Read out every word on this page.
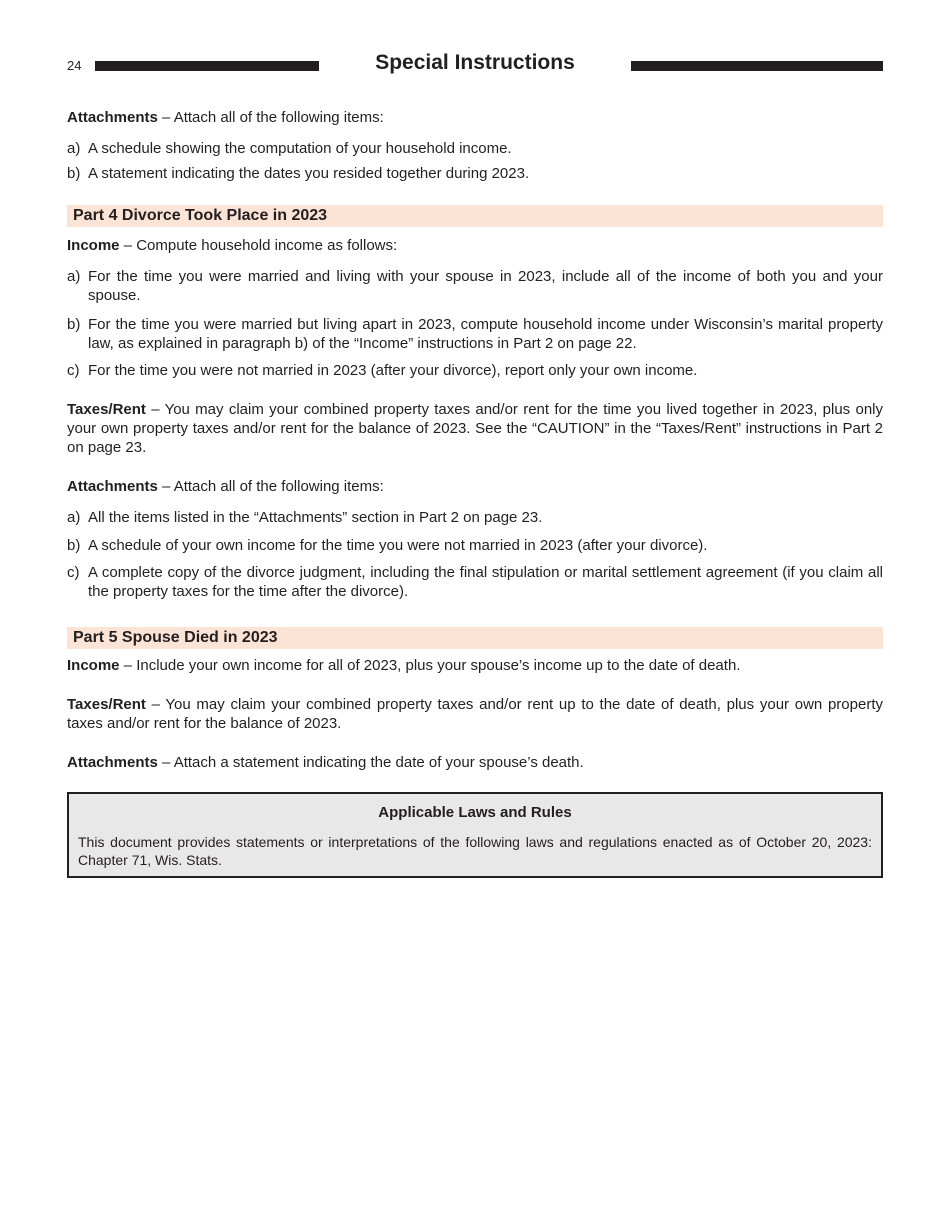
24	Special Instructions

Attachments – Attach all of the following items:

a) A schedule showing the computation of your household income.
b) A statement indicating the dates you resided together during 2023.
Part 4 Divorce Took Place in 2023

Income – Compute household income as follows:

a) For the time you were married and living with your spouse in 2023, include all of the income of both you and your spouse.
b) For the time you were married but living apart in 2023, compute household income under Wisconsin’s marital property law, as explained in paragraph b) of the “Income” instructions in Part 2 on page 22.
c) For the time you were not married in 2023 (after your divorce), report only your own income.

Taxes/Rent – You may claim your combined property taxes and/or rent for the time you lived together in 2023, plus only your own property taxes and/or rent for the balance of 2023. See the “CAUTION” in the “Taxes/Rent” instructions in Part 2 on page 23.

Attachments – Attach all of the following items:

a) All the items listed in the “Attachments” section in Part 2 on page 23.
b) A schedule of your own income for the time you were not married in 2023 (after your divorce).
c) A complete copy of the divorce judgment, including the final stipulation or marital settlement agreement (if you claim all the property taxes for the time after the divorce).
Part 5 Spouse Died in 2023

Income – Include your own income for all of 2023, plus your spouse’s income up to the date of death.

Taxes/Rent – You may claim your combined property taxes and/or rent up to the date of death, plus your own property taxes and/or rent for the balance of 2023.

Attachments – Attach a statement indicating the date of your spouse’s death.

Applicable Laws and Rules
This document provides statements or interpretations of the following laws and regulations enacted as of October 20, 2023: Chapter 71, Wis. Stats.
